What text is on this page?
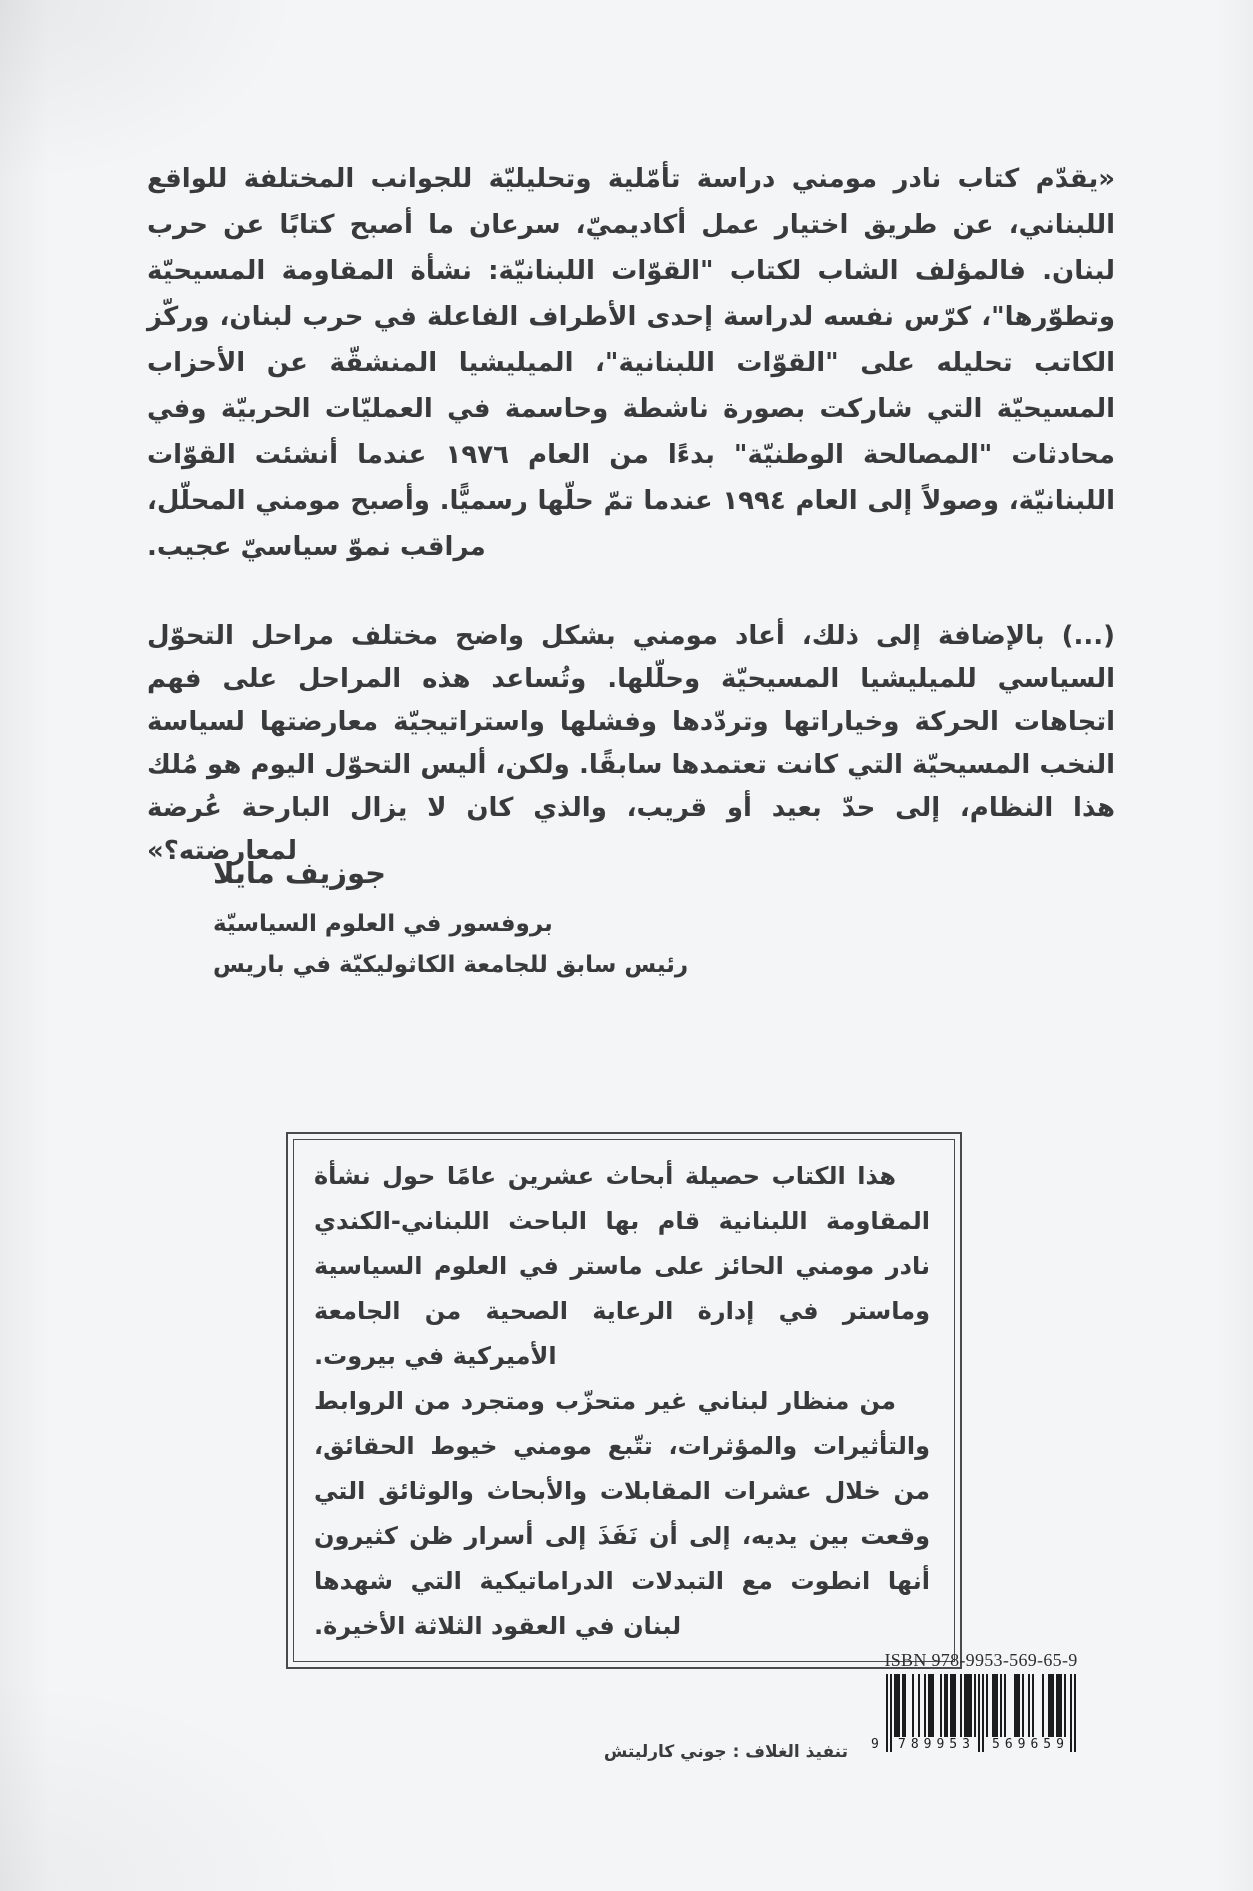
«يقدّم كتاب نادر مومني دراسة تأمّلية وتحليليّة للجوانب المختلفة للواقع اللبناني، عن طريق اختيار عمل أكاديميّ، سرعان ما أصبح كتابًا عن حرب لبنان. فالمؤلف الشاب لكتاب "القوّات اللبنانيّة: نشأة المقاومة المسيحيّة وتطوّرها"، كرّس نفسه لدراسة إحدى الأطراف الفاعلة في حرب لبنان، وركّز الكاتب تحليله على "القوّات اللبنانية"، الميليشيا المنشقّة عن الأحزاب المسيحيّة التي شاركت بصورة ناشطة وحاسمة في العمليّات الحربيّة وفي محادثات "المصالحة الوطنيّة" بدءًا من العام ١٩٧٦ عندما أنشئت القوّات اللبنانيّة، وصولاً إلى العام ١٩٩٤ عندما تمّ حلّها رسميًّا. وأصبح مومني المحلّل، مراقب نموّ سياسيّ عجيب.

(...) بالإضافة إلى ذلك، أعاد مومني بشكل واضح مختلف مراحل التحوّل السياسي للميليشيا المسيحيّة وحلّلها. وتُساعد هذه المراحل على فهم اتجاهات الحركة وخياراتها وتردّدها وفشلها واستراتيجيّة معارضتها لسياسة النخب المسيحيّة التي كانت تعتمدها سابقًا. ولكن، أليس التحوّل اليوم هو مُلك هذا النظام، إلى حدّ بعيد أو قريب، والذي كان لا يزال البارحة عُرضة لمعارضته؟»

جوزيف مايلا

بروفسور في العلوم السياسيّة
رئيس سابق للجامعة الكاثوليكيّة في باريس

هذا الكتاب حصيلة أبحاث عشرين عامًا حول نشأة المقاومة اللبنانية قام بها الباحث اللبناني-الكندي نادر مومني الحائز على ماستر في العلوم السياسية وماستر في إدارة الرعاية الصحية من الجامعة الأميركية في بيروت.

من منظار لبناني غير متحزّب ومتجرد من الروابط والتأثيرات والمؤثرات، تتّبع مومني خيوط الحقائق، من خلال عشرات المقابلات والأبحاث والوثائق التي وقعت بين يديه، إلى أن نَفَذَ إلى أسرار ظن كثيرون أنها انطوت مع التبدلات الدراماتيكية التي شهدها لبنان في العقود الثلاثة الأخيرة.

ISBN 978-9953-569-65-9
9 789953 569659
تنفيذ الغلاف : جوني كارليتش
